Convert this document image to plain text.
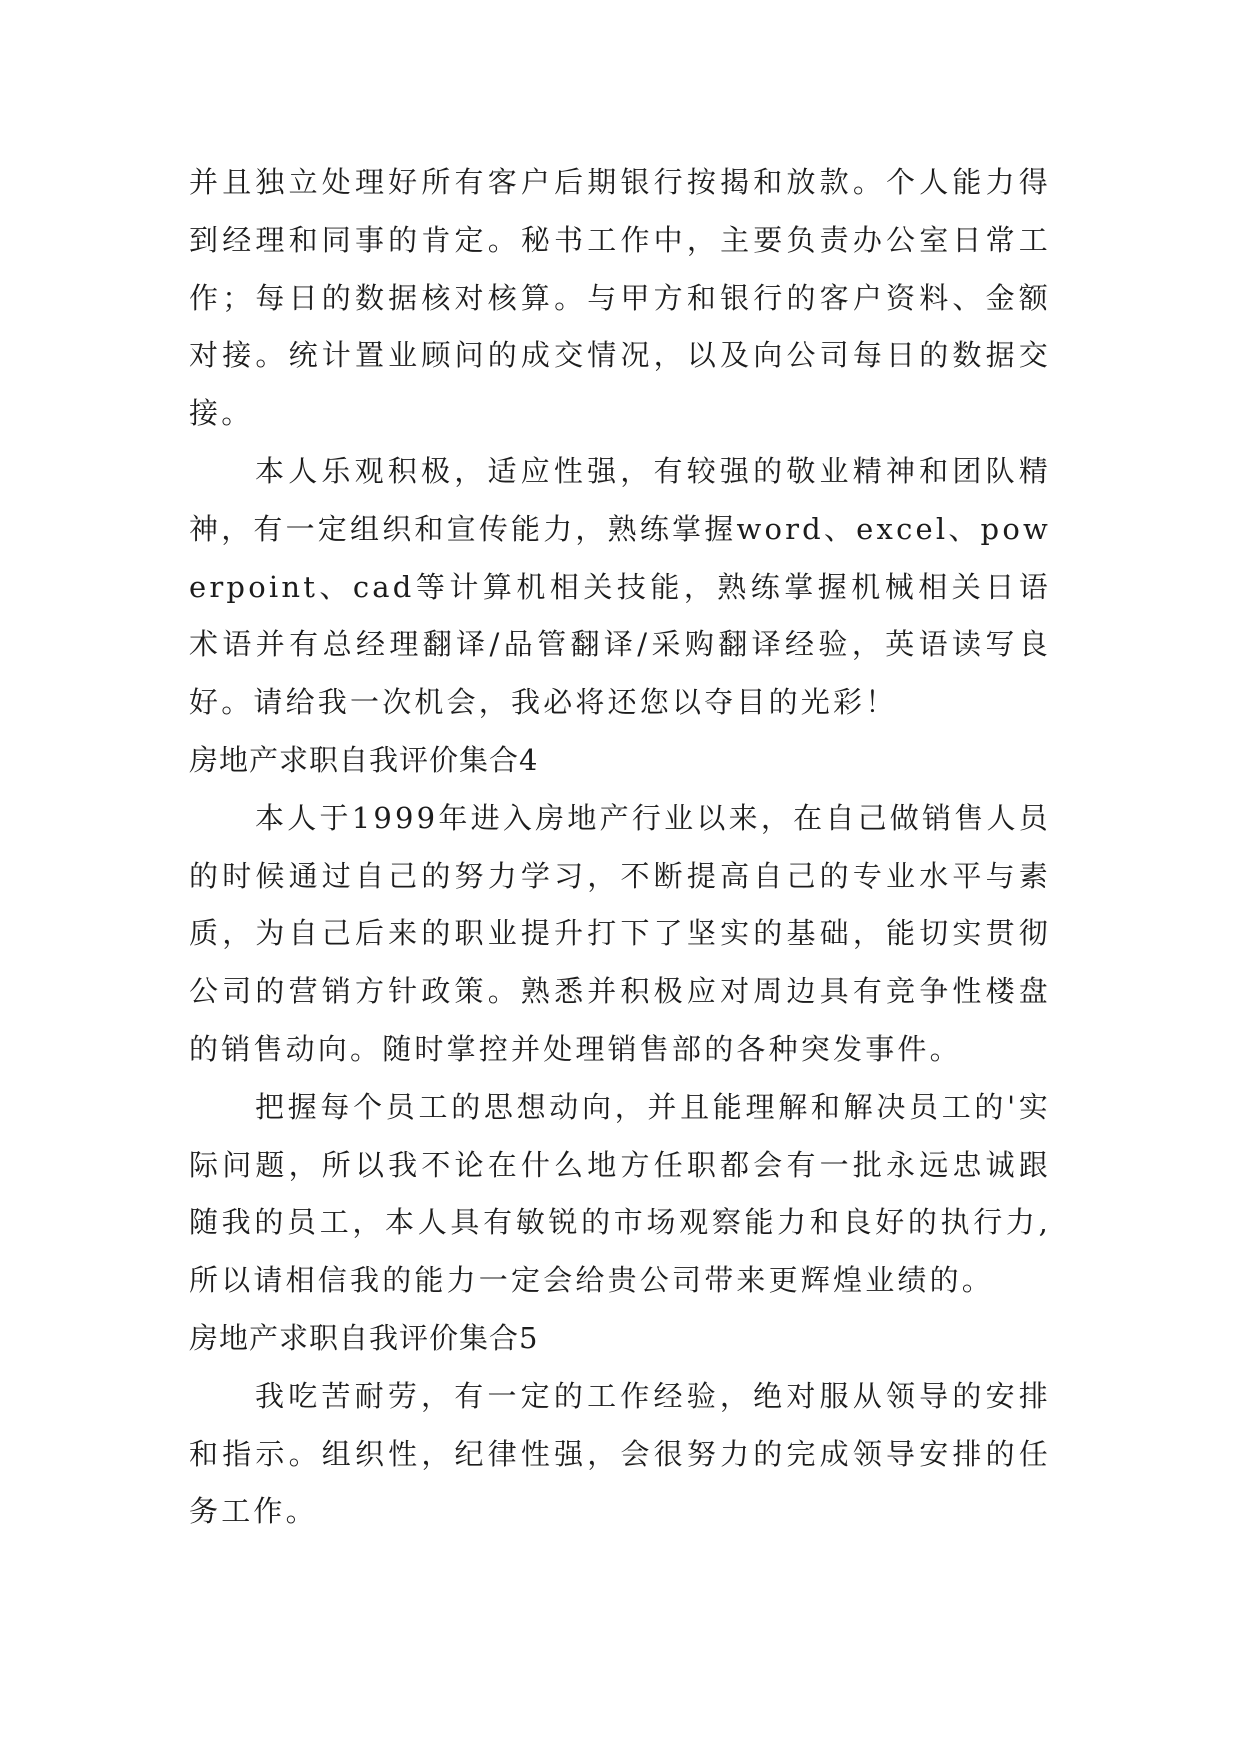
并且独立处理好所有客户后期银行按揭和放款。个人能力得到经理和同事的肯定。秘书工作中，主要负责办公室日常工作；每日的数据核对核算。与甲方和银行的客户资料、金额对接。统计置业顾问的成交情况，以及向公司每日的数据交接。

本人乐观积极，适应性强，有较强的敬业精神和团队精神，有一定组织和宣传能力，熟练掌握word、excel、powerpoint、cad等计算机相关技能，熟练掌握机械相关日语术语并有总经理翻译/品管翻译/采购翻译经验，英语读写良好。请给我一次机会，我必将还您以夺目的光彩！

房地产求职自我评价集合4

本人于1999年进入房地产行业以来，在自己做销售人员的时候通过自己的努力学习，不断提高自己的专业水平与素质，为自己后来的职业提升打下了坚实的基础，能切实贯彻公司的营销方针政策。熟悉并积极应对周边具有竞争性楼盘的销售动向。随时掌控并处理销售部的各种突发事件。

把握每个员工的思想动向，并且能理解和解决员工的'实际问题，所以我不论在什么地方任职都会有一批永远忠诚跟随我的员工，本人具有敏锐的市场观察能力和良好的执行力,所以请相信我的能力一定会给贵公司带来更辉煌业绩的。

房地产求职自我评价集合5

我吃苦耐劳，有一定的工作经验，绝对服从领导的安排和指示。组织性，纪律性强，会很努力的完成领导安排的任务工作。
